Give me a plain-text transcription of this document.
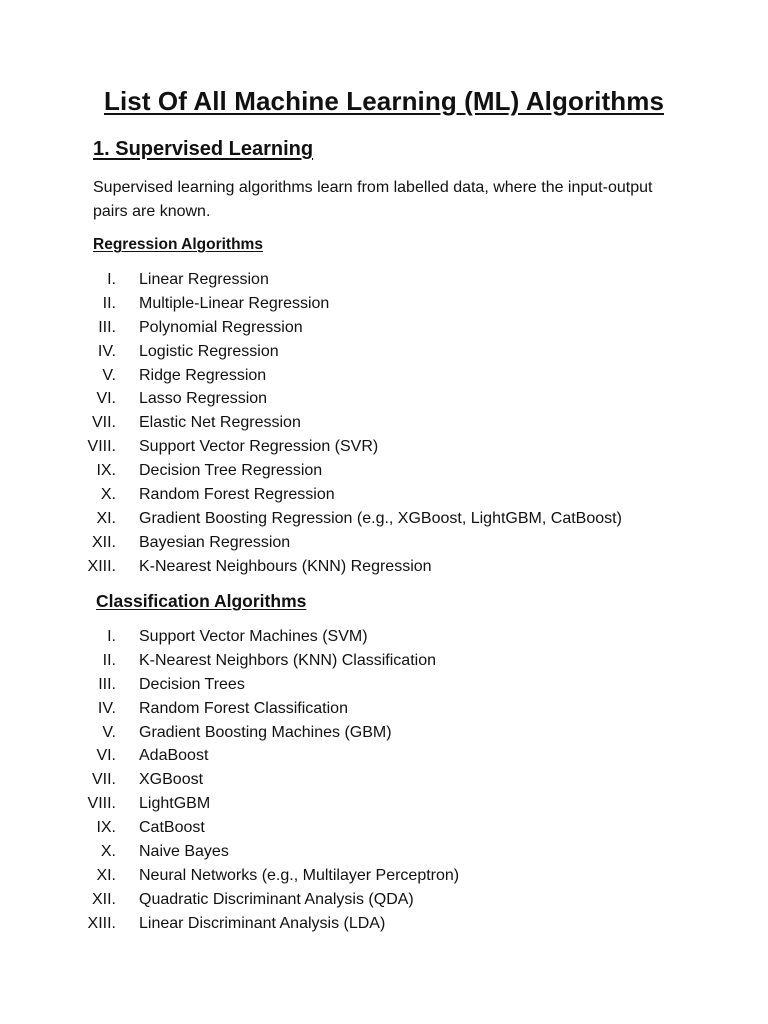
List Of All Machine Learning (ML) Algorithms
1. Supervised Learning

Supervised learning algorithms learn from labelled data, where the input-output pairs are known.

Regression Algorithms
I. Linear Regression
II. Multiple-Linear Regression
III. Polynomial Regression
IV. Logistic Regression
V. Ridge Regression
VI. Lasso Regression
VII. Elastic Net Regression
VIII. Support Vector Regression (SVR)
IX. Decision Tree Regression
X. Random Forest Regression
XI. Gradient Boosting Regression (e.g., XGBoost, LightGBM, CatBoost)
XII. Bayesian Regression
XIII. K-Nearest Neighbours (KNN) Regression
Classification Algorithms
I. Support Vector Machines (SVM)
II. K-Nearest Neighbors (KNN) Classification
III. Decision Trees
IV. Random Forest Classification
V. Gradient Boosting Machines (GBM)
VI. AdaBoost
VII. XGBoost
VIII. LightGBM
IX. CatBoost
X. Naive Bayes
XI. Neural Networks (e.g., Multilayer Perceptron)
XII. Quadratic Discriminant Analysis (QDA)
XIII. Linear Discriminant Analysis (LDA)
